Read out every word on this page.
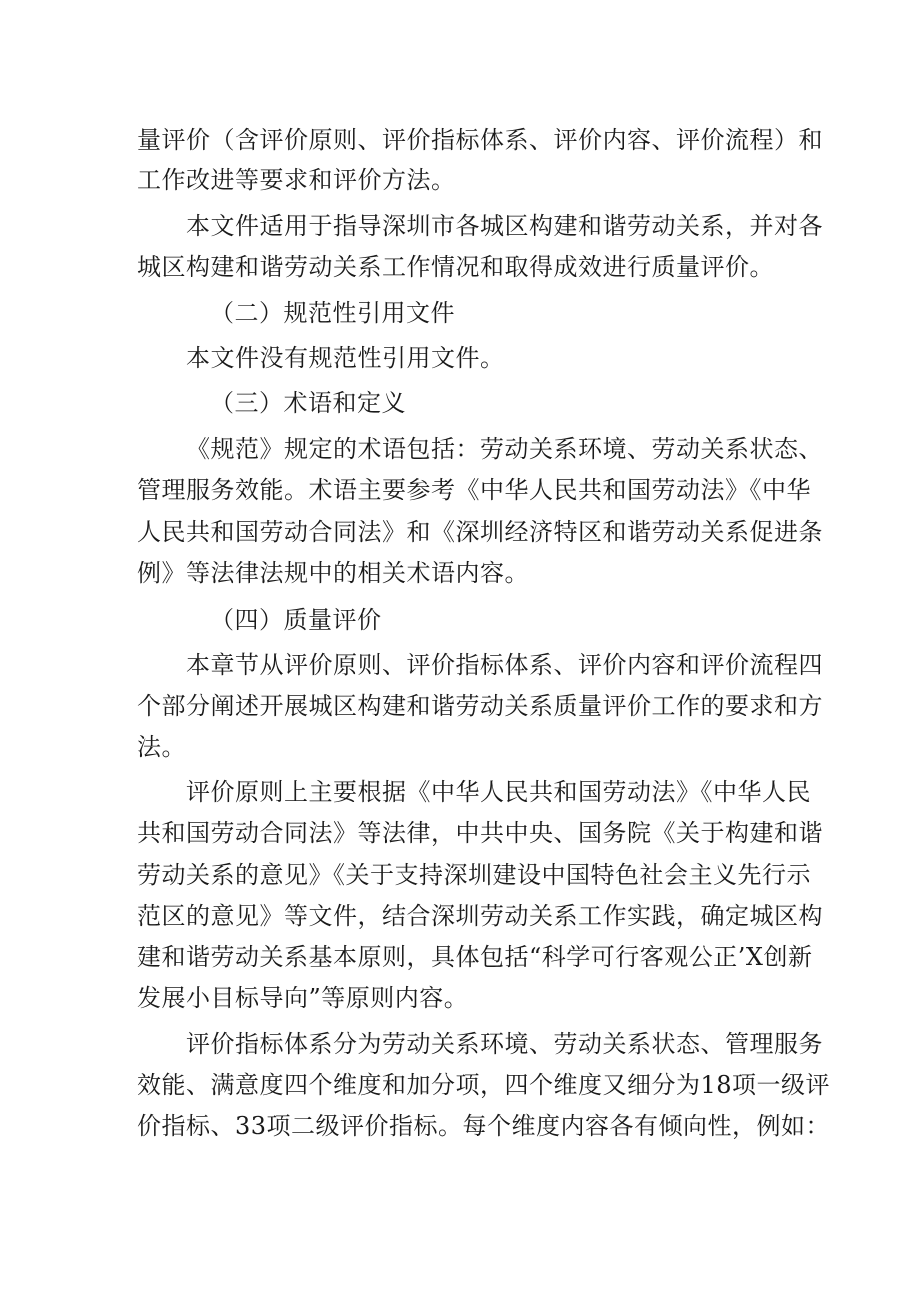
量评价（含评价原则、评价指标体系、评价内容、评价流程）和
工作改进等要求和评价方法。
本文件适用于指导深圳市各城区构建和谐劳动关系，并对各
城区构建和谐劳动关系工作情况和取得成效进行质量评价。
（二）规范性引用文件
本文件没有规范性引用文件。
（三）术语和定义
《规范》规定的术语包括：劳动关系环境、劳动关系状态、
管理服务效能。术语主要参考《中华人民共和国劳动法》《中华
人民共和国劳动合同法》和《深圳经济特区和谐劳动关系促进条
例》等法律法规中的相关术语内容。
（四）质量评价
本章节从评价原则、评价指标体系、评价内容和评价流程四
个部分阐述开展城区构建和谐劳动关系质量评价工作的要求和方
法。
评价原则上主要根据《中华人民共和国劳动法》《中华人民
共和国劳动合同法》等法律，中共中央、国务院《关于构建和谐
劳动关系的意见》《关于支持深圳建设中国特色社会主义先行示
范区的意见》等文件，结合深圳劳动关系工作实践，确定城区构
建和谐劳动关系基本原则，具体包括“科学可行客观公正’X创新
发展小目标导向”等原则内容。
评价指标体系分为劳动关系环境、劳动关系状态、管理服务
效能、满意度四个维度和加分项，四个维度又细分为18项一级评
价指标、33项二级评价指标。每个维度内容各有倾向性，例如：
